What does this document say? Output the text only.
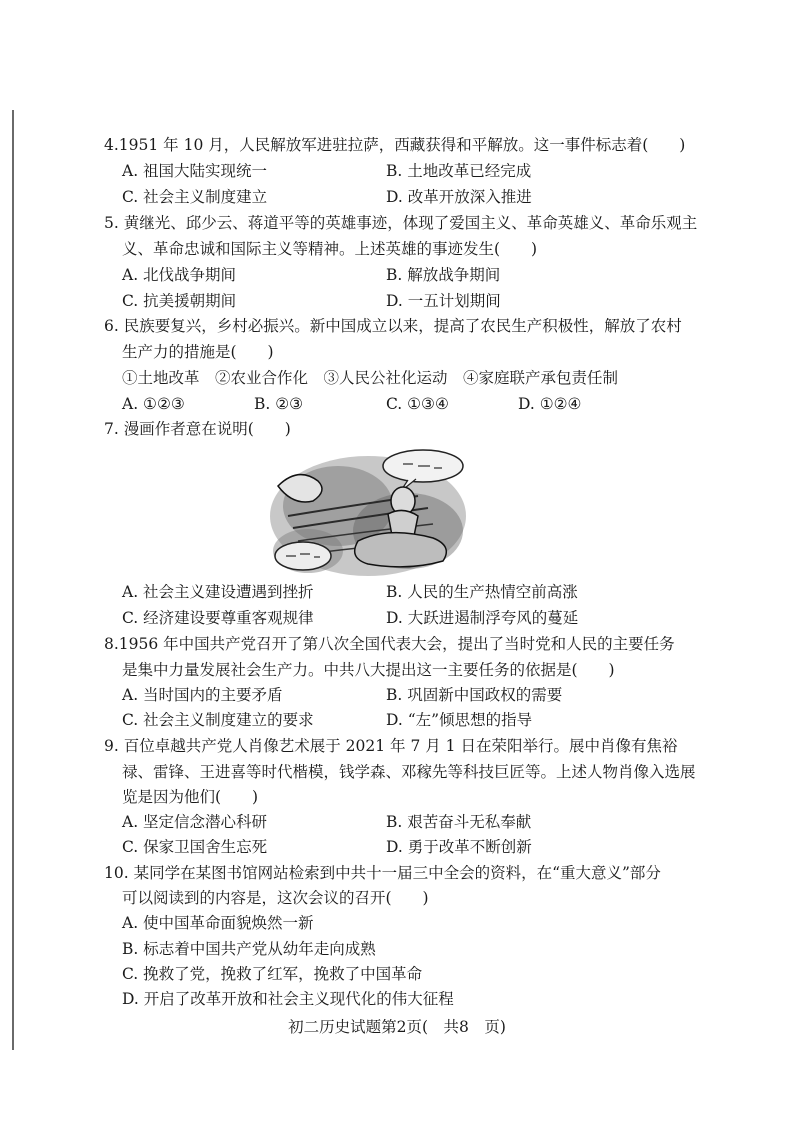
4.1951 年 10 月，人民解放军进驻拉萨，西藏获得和平解放。这一事件标志着(　　)
A. 祖国大陆实现统一	B. 土地改革已经完成
C. 社会主义制度建立	D. 改革开放深入推进
5. 黄继光、邱少云、蒋道平等的英雄事迹，体现了爱国主义、革命英雄义、革命乐观主
义、革命忠诚和国际主义等精神。上述英雄的事迹发生(　　)
A. 北伐战争期间	B. 解放战争期间
C. 抗美援朝期间	D. 一五计划期间
6. 民族要复兴，乡村必振兴。新中国成立以来，提高了农民生产积极性，解放了农村
生产力的措施是(　　)
①土地改革　②农业合作化　③人民公社化运动　④家庭联产承包责任制
A. ①②③	B. ②③	C. ①③④	D. ①②④
7. 漫画作者意在说明(　　)
A. 社会主义建设遭遇到挫折	B. 人民的生产热情空前高涨
C. 经济建设要尊重客观规律	D. 大跃进遏制浮夸风的蔓延
8.1956 年中国共产党召开了第八次全国代表大会，提出了当时党和人民的主要任务
是集中力量发展社会生产力。中共八大提出这一主要任务的依据是(　　)
A. 当时国内的主要矛盾	B. 巩固新中国政权的需要
C. 社会主义制度建立的要求	D. “左”倾思想的指导
9. 百位卓越共产党人肖像艺术展于 2021 年 7 月 1 日在荣阳举行。展中肖像有焦裕
禄、雷锋、王进喜等时代楷模，钱学森、邓稼先等科技巨匠等。上述人物肖像入选展
览是因为他们(　　)
A. 坚定信念潜心科研	B. 艰苦奋斗无私奉献
C. 保家卫国舍生忘死	D. 勇于改革不断创新
10. 某同学在某图书馆网站检索到中共十一届三中全会的资料，在“重大意义”部分
可以阅读到的内容是，这次会议的召开(　　)
A. 使中国革命面貌焕然一新
B. 标志着中国共产党从幼年走向成熟
C. 挽救了党，挽救了红军，挽救了中国革命
D. 开启了改革开放和社会主义现代化的伟大征程
初二历史试题第2页(　共8　页)
